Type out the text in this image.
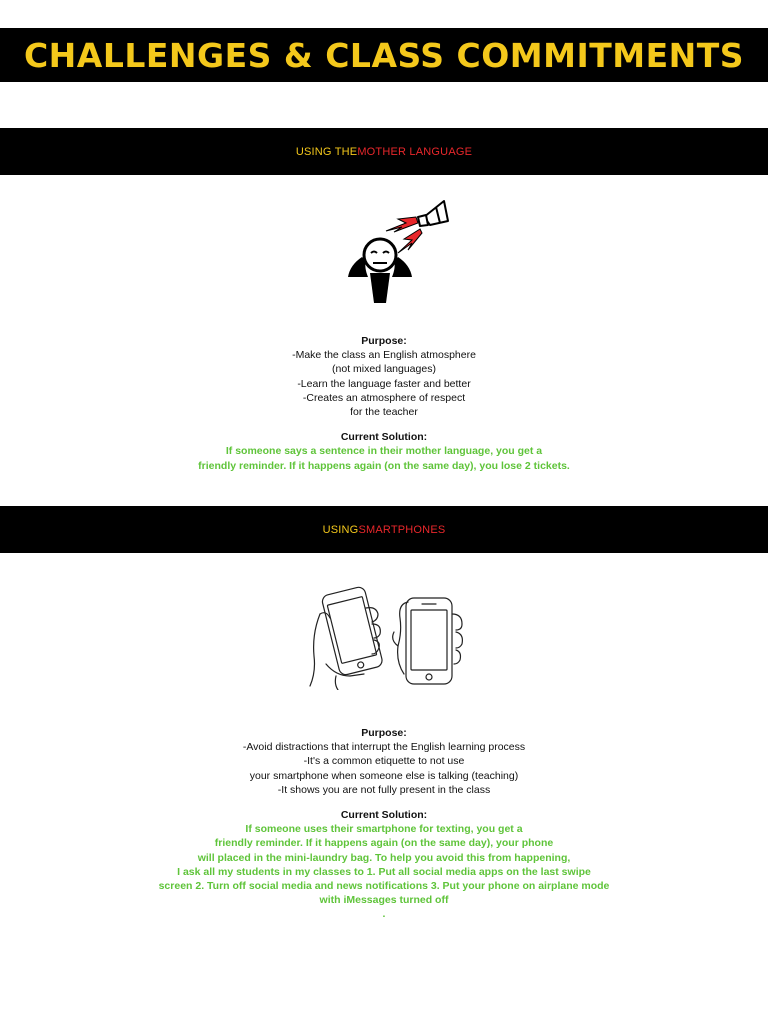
CHALLENGES & CLASS COMMITMENTS
USING THE MOTHER LANGUAGE
Purpose:
-Make the class an English atmosphere
(not mixed languages)
-Learn the language faster and better
-Creates an atmosphere of respect
for the teacher
Current Solution:
If someone says a sentence in their mother language, you get a
friendly reminder. If it happens again (on the same day), you lose 2 tickets.
USING SMARTPHONES
Purpose:
-Avoid distractions that interrupt the English learning process
-It's a common etiquette to not use
your smartphone when someone else is talking (teaching)
-It shows you are not fully present in the class
Current Solution:
If someone uses their smartphone for texting, you get a
friendly reminder. If it happens again (on the same day), your phone
will placed in the mini-laundry bag. To help you avoid this from happening,
I ask all my students in my classes to 1. Put all social media apps on the last swipe
screen 2. Turn off social media and news notifications 3. Put your phone on airplane mode
with iMessages turned off
.
